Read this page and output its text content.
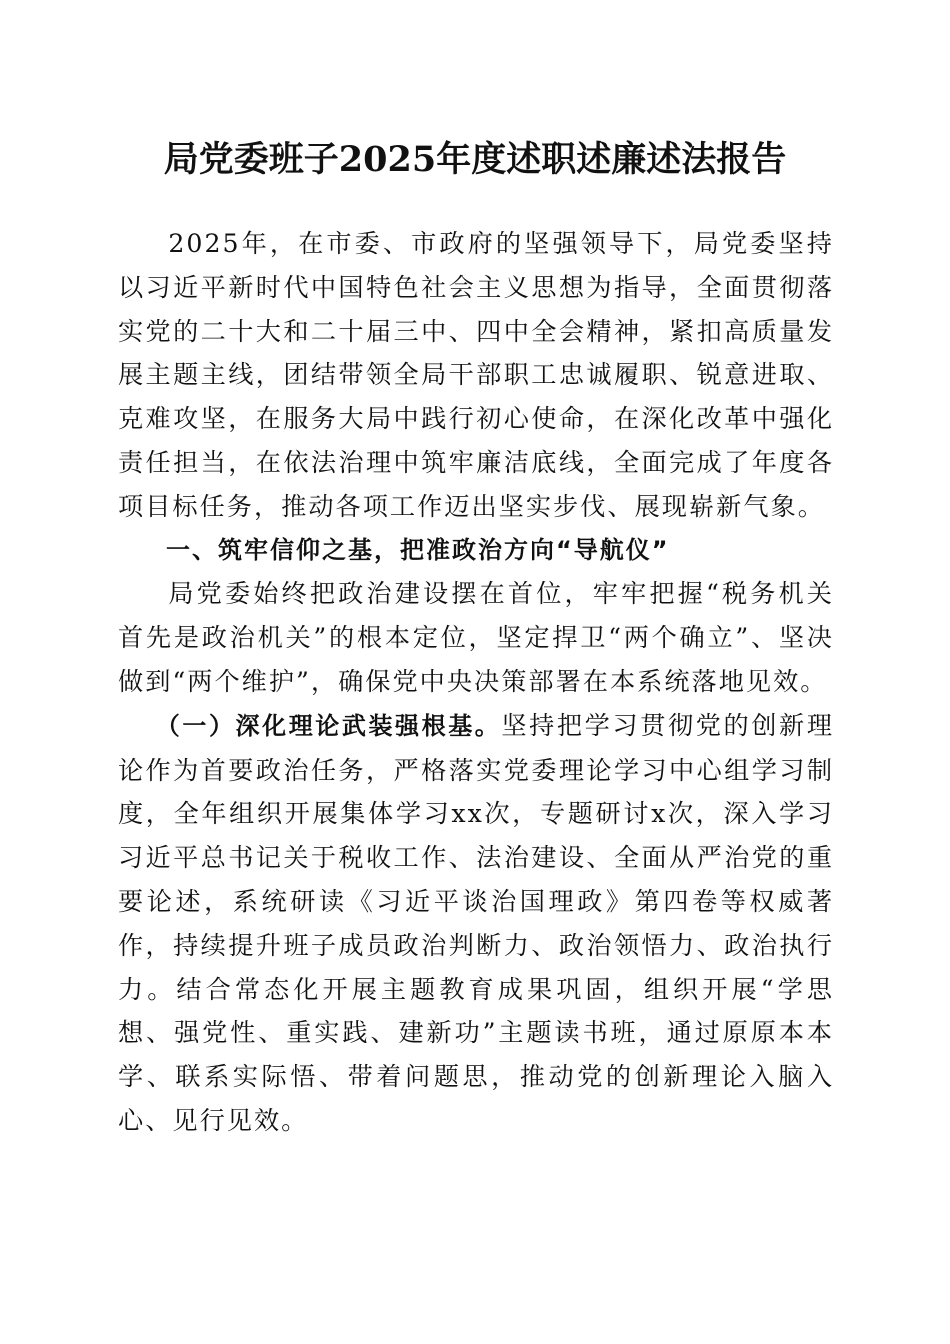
局党委班子2025年度述职述廉述法报告

2025年，在市委、市政府的坚强领导下，局党委坚持以习近平新时代中国特色社会主义思想为指导，全面贯彻落实党的二十大和二十届三中、四中全会精神，紧扣高质量发展主题主线，团结带领全局干部职工忠诚履职、锐意进取、克难攻坚，在服务大局中践行初心使命，在深化改革中强化责任担当，在依法治理中筑牢廉洁底线，全面完成了年度各项目标任务，推动各项工作迈出坚实步伐、展现崭新气象。

一、筑牢信仰之基，把准政治方向“导航仪”

局党委始终把政治建设摆在首位，牢牢把握“税务机关首先是政治机关”的根本定位，坚定捍卫“两个确立”、坚决做到“两个维护”，确保党中央决策部署在本系统落地见效。

（一）深化理论武装强根基。坚持把学习贯彻党的创新理论作为首要政治任务，严格落实党委理论学习中心组学习制度，全年组织开展集体学习xx次，专题研讨x次，深入学习习近平总书记关于税收工作、法治建设、全面从严治党的重要论述，系统研读《习近平谈治国理政》第四卷等权威著作，持续提升班子成员政治判断力、政治领悟力、政治执行力。结合常态化开展主题教育成果巩固，组织开展“学思想、强党性、重实践、建新功”主题读书班，通过原原本本学、联系实际悟、带着问题思，推动党的创新理论入脑入心、见行见效。
